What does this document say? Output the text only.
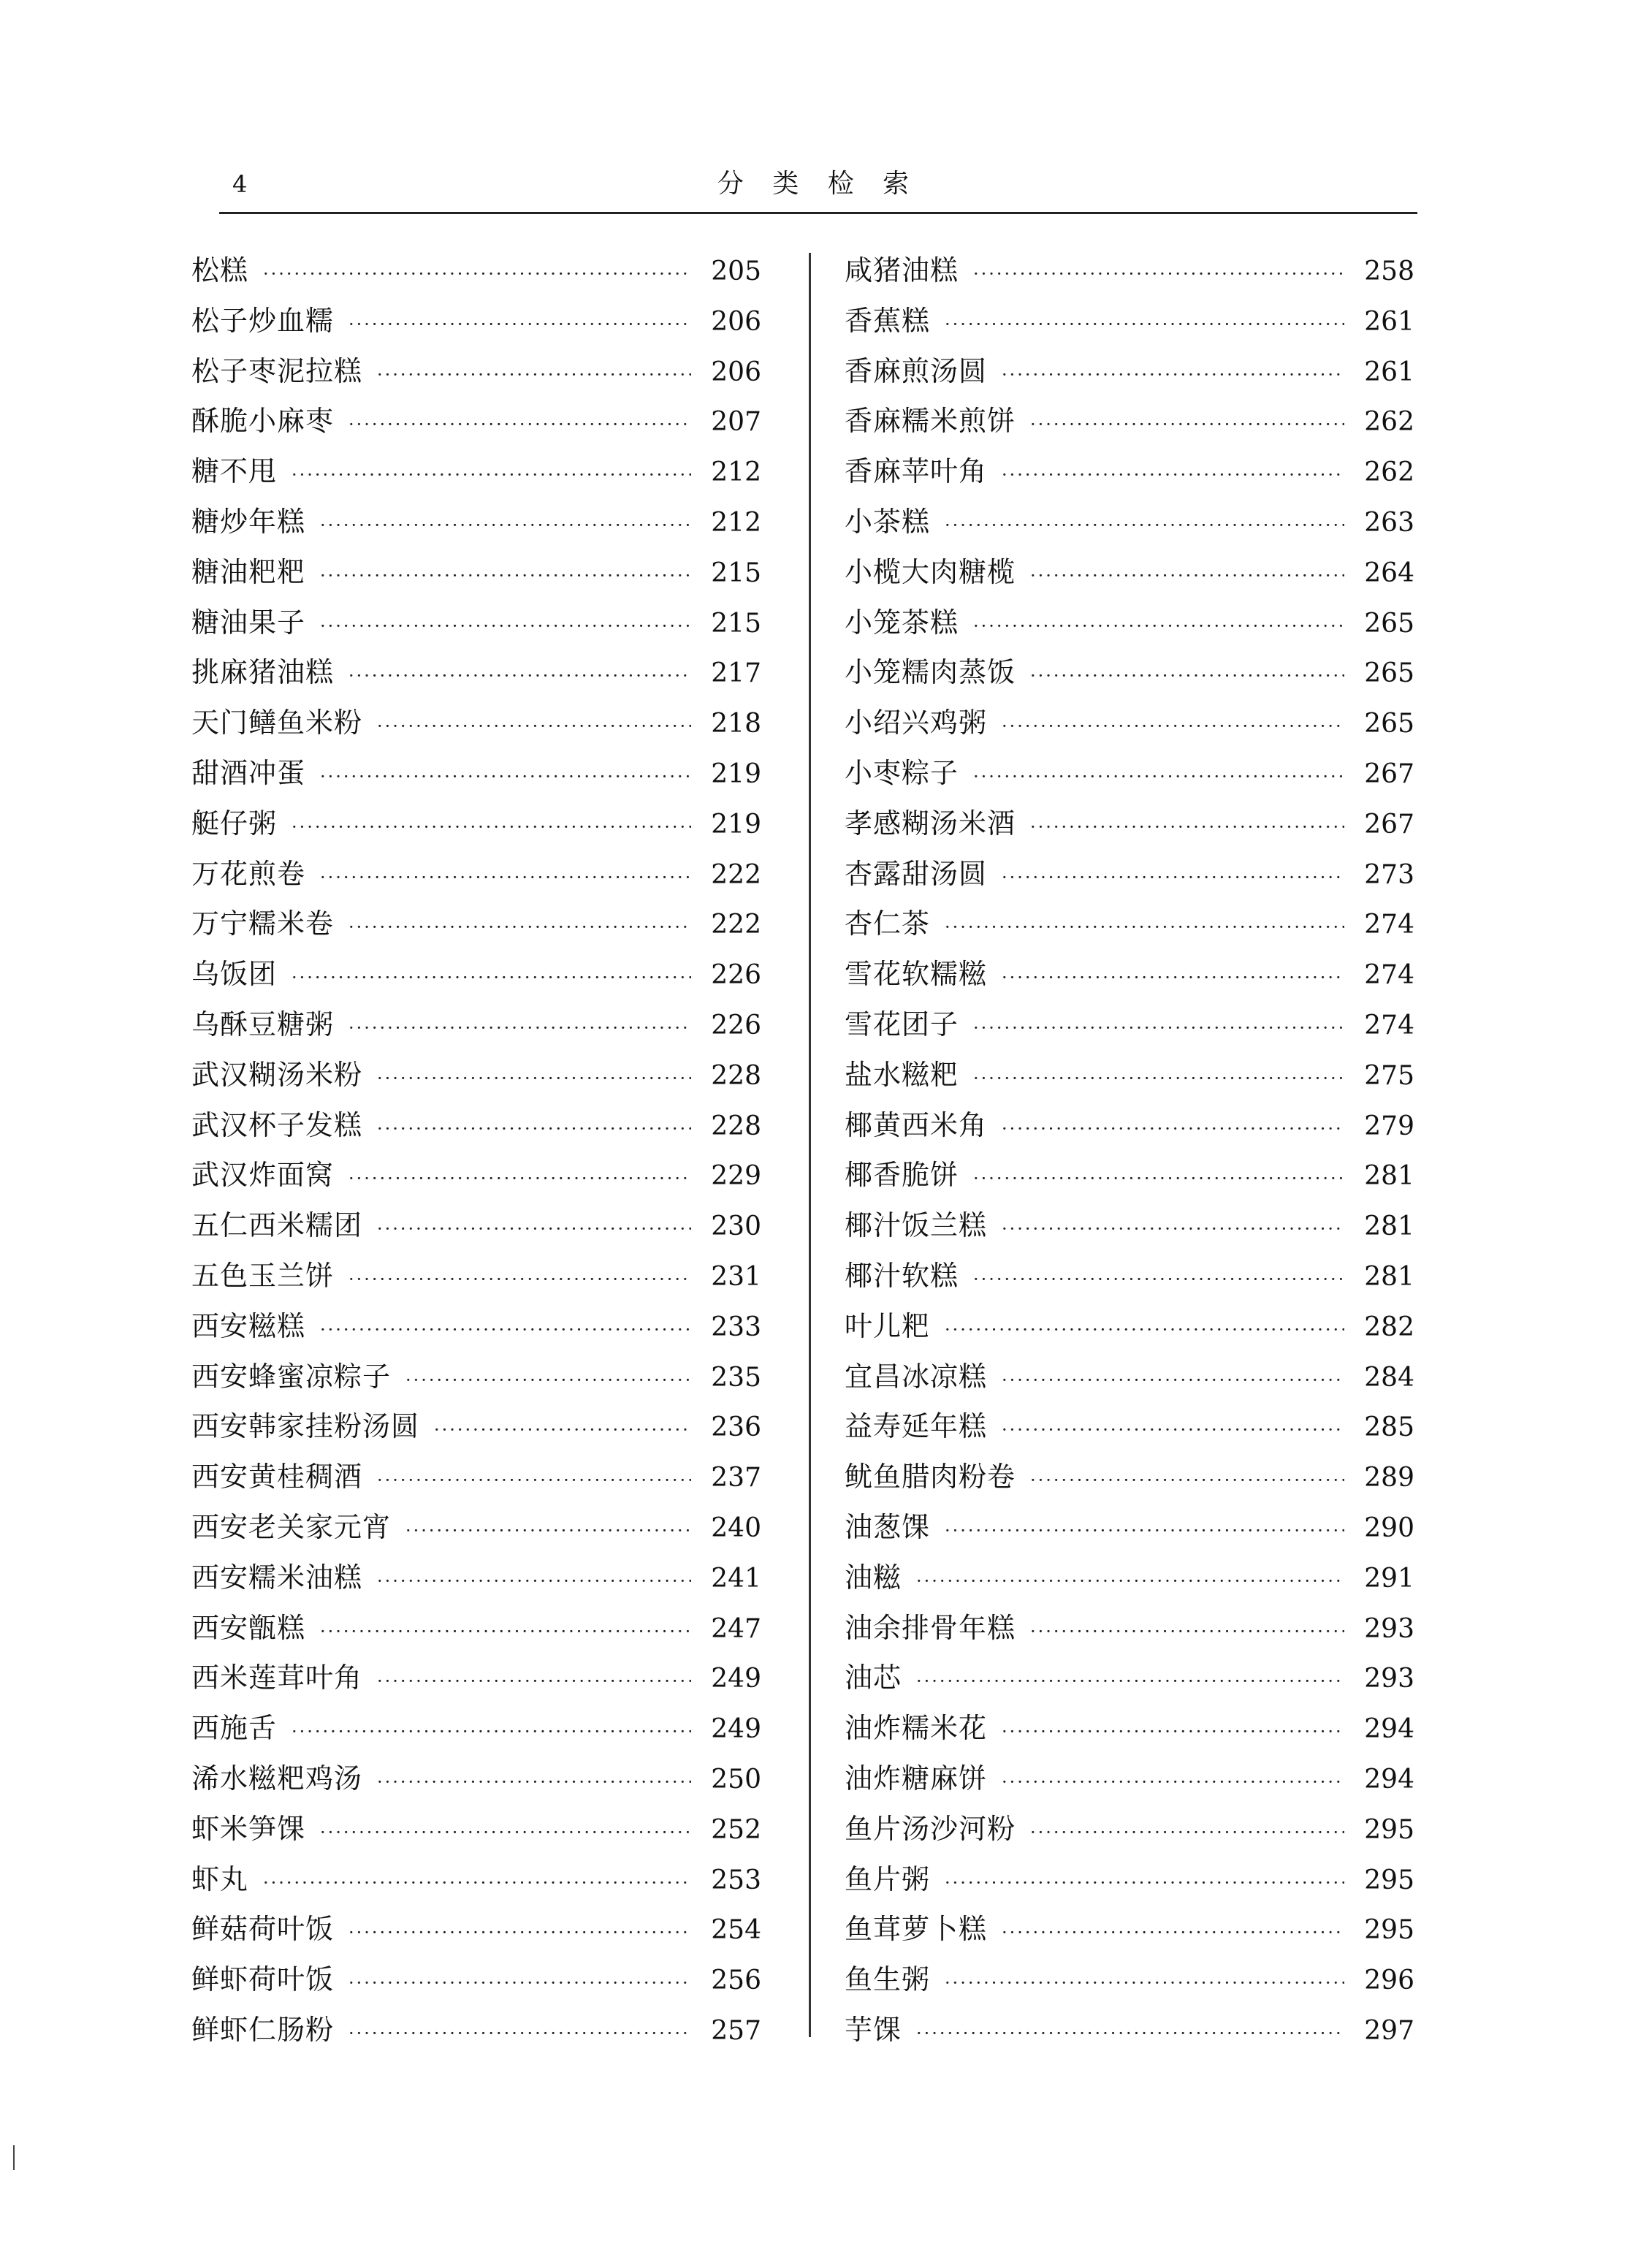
4	分 类 检 索
松糕 ·····	205
松子炒血糯 ·····	206
松子枣泥拉糕 ·····	206
酥脆小麻枣 ·····	207
糖不甩 ·····	212
糖炒年糕 ·····	212
糖油粑粑 ·····	215
糖油果子 ·····	215
挑麻猪油糕 ·····	217
天门鳝鱼米粉 ·····	218
甜酒冲蛋 ·····	219
艇仔粥 ·····	219
万花煎卷 ·····	222
万宁糯米卷 ·····	222
乌饭团 ·····	226
乌酥豆糖粥 ·····	226
武汉糊汤米粉 ·····	228
武汉杯子发糕 ·····	228
武汉炸面窝 ·····	229
五仁西米糯团 ·····	230
五色玉兰饼 ·····	231
西安糍糕 ·····	233
西安蜂蜜凉粽子 ·····	235
西安韩家挂粉汤圆 ·····	236
西安黄桂稠酒 ·····	237
西安老关家元宵 ·····	240
西安糯米油糕 ·····	241
西安甑糕 ·····	247
西米莲茸叶角 ·····	249
西施舌 ·····	249
浠水糍粑鸡汤 ·····	250
虾米笋馃 ·····	252
虾丸 ·····	253
鲜菇荷叶饭 ·····	254
鲜虾荷叶饭 ·····	256
鲜虾仁肠粉 ·····	257
咸猪油糕 ·····	258
香蕉糕 ·····	261
香麻煎汤圆 ·····	261
香麻糯米煎饼 ·····	262
香麻苹叶角 ·····	262
小茶糕 ·····	263
小榄大肉糖榄 ·····	264
小笼茶糕 ·····	265
小笼糯肉蒸饭 ·····	265
小绍兴鸡粥 ·····	265
小枣粽子 ·····	267
孝感糊汤米酒 ·····	267
杏露甜汤圆 ·····	273
杏仁茶 ·····	274
雪花软糯糍 ·····	274
雪花团子 ·····	274
盐水糍粑 ·····	275
椰黄西米角 ·····	279
椰香脆饼 ·····	281
椰汁饭兰糕 ·····	281
椰汁软糕 ·····	281
叶儿粑 ·····	282
宜昌冰凉糕 ·····	284
益寿延年糕 ·····	285
鱿鱼腊肉粉卷 ·····	289
油葱馃 ·····	290
油糍 ·····	291
油余排骨年糕 ·····	293
油芯 ·····	293
油炸糯米花 ·····	294
油炸糖麻饼 ·····	294
鱼片汤沙河粉 ·····	295
鱼片粥 ·····	295
鱼茸萝卜糕 ·····	295
鱼生粥 ·····	296
芋馃 ·····	297
